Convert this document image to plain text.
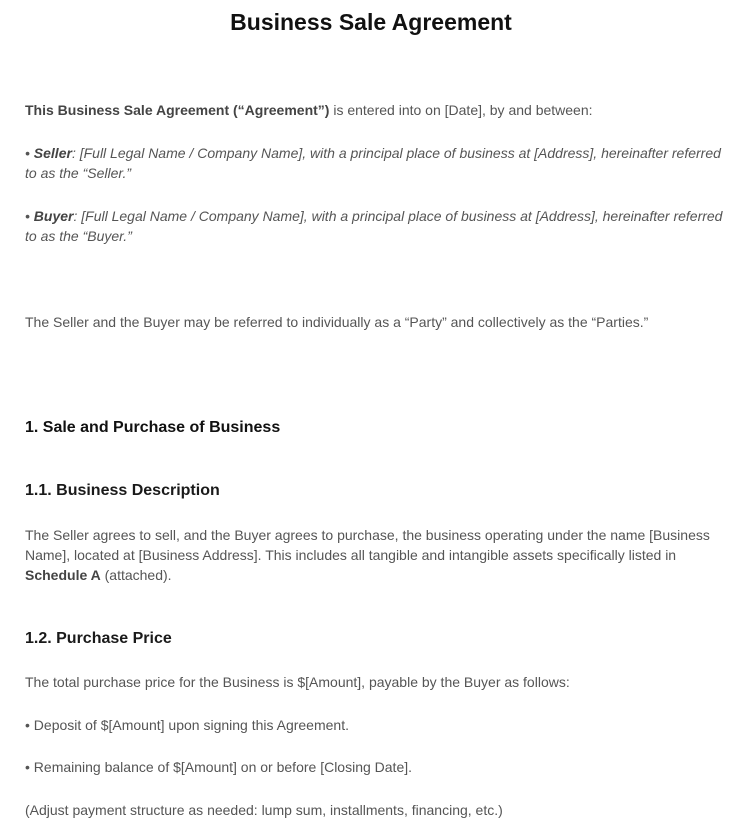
Business Sale Agreement
This Business Sale Agreement (“Agreement”) is entered into on [Date], by and between:
• Seller: [Full Legal Name / Company Name], with a principal place of business at [Address], hereinafter referred to as the “Seller.”
• Buyer: [Full Legal Name / Company Name], with a principal place of business at [Address], hereinafter referred to as the “Buyer.”
The Seller and the Buyer may be referred to individually as a “Party” and collectively as the “Parties.”
1. Sale and Purchase of Business
1.1. Business Description
The Seller agrees to sell, and the Buyer agrees to purchase, the business operating under the name [Business Name], located at [Business Address]. This includes all tangible and intangible assets specifically listed in Schedule A (attached).
1.2. Purchase Price
The total purchase price for the Business is $[Amount], payable by the Buyer as follows:
• Deposit of $[Amount] upon signing this Agreement.
• Remaining balance of $[Amount] on or before [Closing Date].
(Adjust payment structure as needed: lump sum, installments, financing, etc.)
